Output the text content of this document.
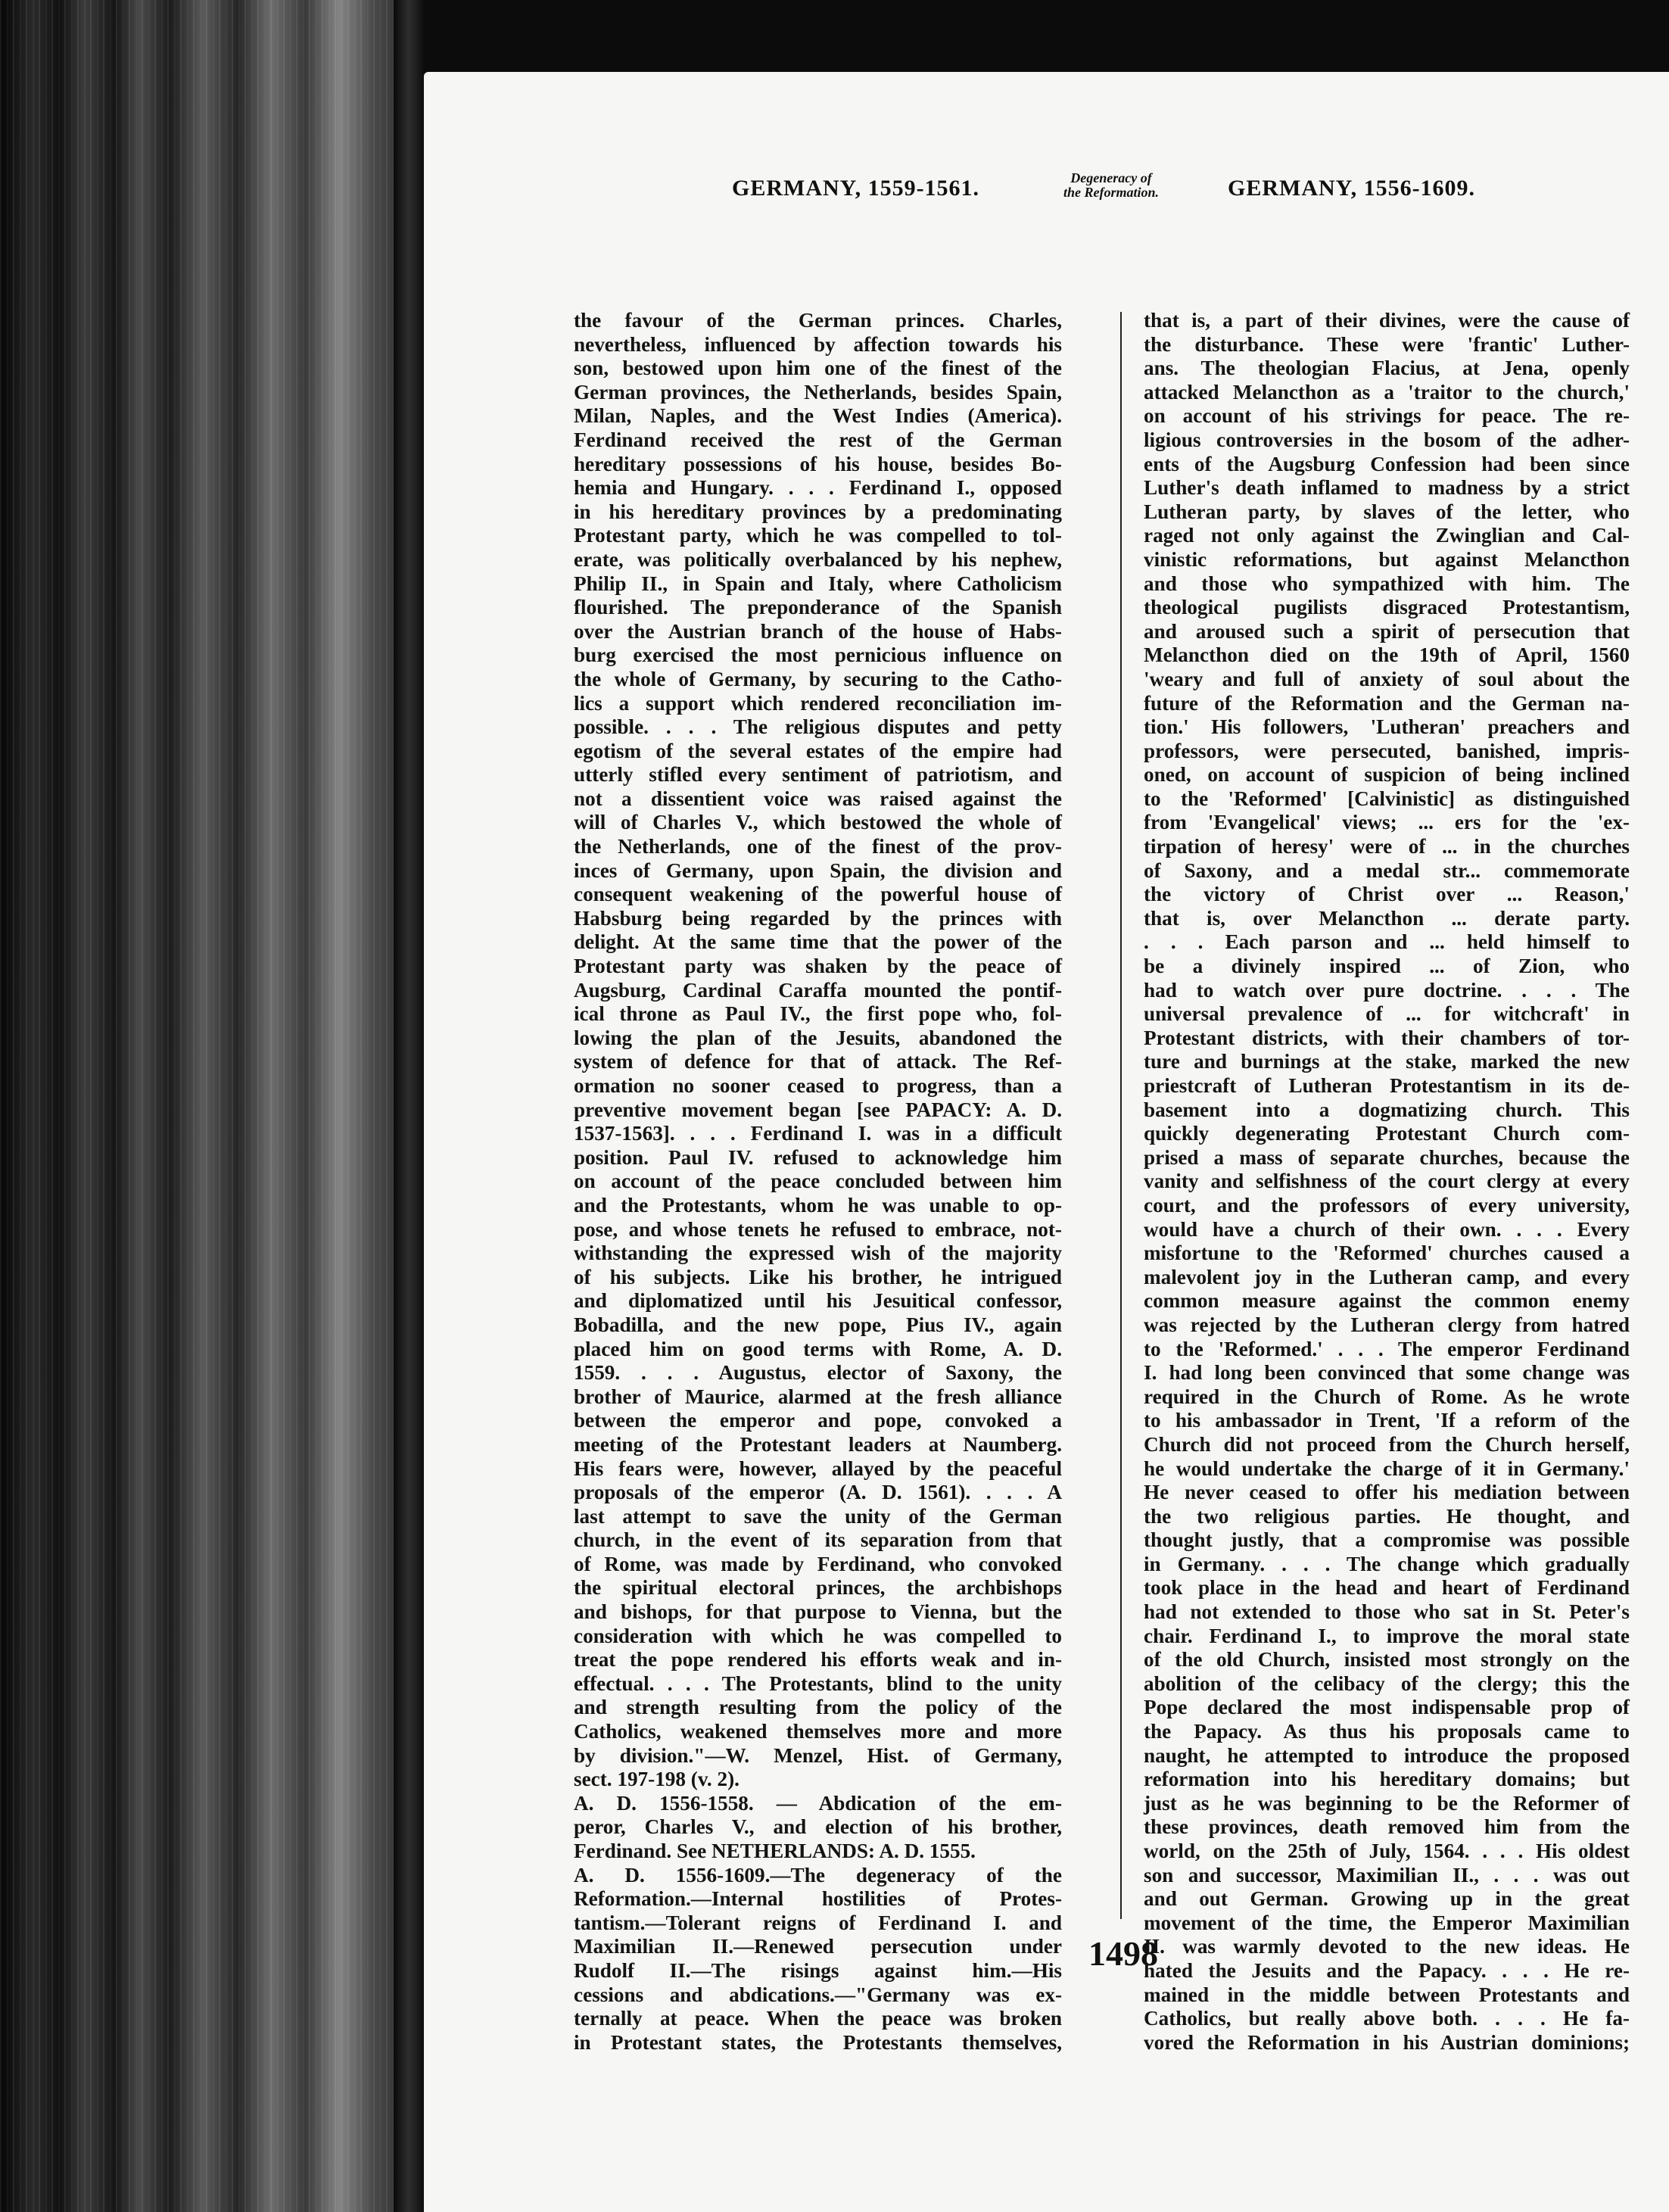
GERMANY, 1559-1561.	Degeneracy of
the Reformation.	GERMANY, 1556-1609.
the favour of the German princes. Charles,
nevertheless, influenced by affection towards his
son, bestowed upon him one of the finest of the
German provinces, the Netherlands, besides Spain,
Milan, Naples, and the West Indies (America).
Ferdinand received the rest of the German
hereditary possessions of his house, besides Bo-
hemia and Hungary. . . . Ferdinand I., opposed
in his hereditary provinces by a predominating
Protestant party, which he was compelled to tol-
erate, was politically overbalanced by his nephew,
Philip II., in Spain and Italy, where Catholicism
flourished. The preponderance of the Spanish
over the Austrian branch of the house of Habs-
burg exercised the most pernicious influence on
the whole of Germany, by securing to the Catho-
lics a support which rendered reconciliation im-
possible. . . . The religious disputes and petty
egotism of the several estates of the empire had
utterly stifled every sentiment of patriotism, and
not a dissentient voice was raised against the
will of Charles V., which bestowed the whole of
the Netherlands, one of the finest of the prov-
inces of Germany, upon Spain, the division and
consequent weakening of the powerful house of
Habsburg being regarded by the princes with
delight. At the same time that the power of the
Protestant party was shaken by the peace of
Augsburg, Cardinal Caraffa mounted the pontif-
ical throne as Paul IV., the first pope who, fol-
lowing the plan of the Jesuits, abandoned the
system of defence for that of attack. The Ref-
ormation no sooner ceased to progress, than a
preventive movement began [see PAPACY: A. D.
1537-1563]. . . . Ferdinand I. was in a difficult
position. Paul IV. refused to acknowledge him
on account of the peace concluded between him
and the Protestants, whom he was unable to op-
pose, and whose tenets he refused to embrace, not-
withstanding the expressed wish of the majority
of his subjects. Like his brother, he intrigued
and diplomatized until his Jesuitical confessor,
Bobadilla, and the new pope, Pius IV., again
placed him on good terms with Rome, A. D.
1559. . . . Augustus, elector of Saxony, the
brother of Maurice, alarmed at the fresh alliance
between the emperor and pope, convoked a
meeting of the Protestant leaders at Naumberg.
His fears were, however, allayed by the peaceful
proposals of the emperor (A. D. 1561). . . . A
last attempt to save the unity of the German
church, in the event of its separation from that
of Rome, was made by Ferdinand, who convoked
the spiritual electoral princes, the archbishops
and bishops, for that purpose to Vienna, but the
consideration with which he was compelled to
treat the pope rendered his efforts weak and in-
effectual. . . . The Protestants, blind to the unity
and strength resulting from the policy of the
Catholics, weakened themselves more and more
by division."—W. Menzel, Hist. of Germany,
sect. 197-198 (v. 2).
A. D. 1556-1558. — Abdication of the em-
peror, Charles V., and election of his brother,
Ferdinand. See NETHERLANDS: A. D. 1555.
A. D. 1556-1609.—The degeneracy of the
Reformation.—Internal hostilities of Protes-
tantism.—Tolerant reigns of Ferdinand I. and
Maximilian II.—Renewed persecution under
Rudolf II.—The risings against him.—His
cessions and abdications.—"Germany was ex-
ternally at peace. When the peace was broken
in Protestant states, the Protestants themselves,
that is, a part of their divines, were the cause of
the disturbance. These were 'frantic' Luther-
ans. The theologian Flacius, at Jena, openly
attacked Melancthon as a 'traitor to the church,'
on account of his strivings for peace. The re-
ligious controversies in the bosom of the adher-
ents of the Augsburg Confession had been since
Luther's death inflamed to madness by a strict
Lutheran party, by slaves of the letter, who
raged not only against the Zwinglian and Cal-
vinistic reformations, but against Melancthon
and those who sympathized with him. The
theological pugilists disgraced Protestantism,
and aroused such a spirit of persecution that
Melancthon died on the 19th of April, 1560
'weary and full of anxiety of soul about the
future of the Reformation and the German na-
tion.' His followers, 'Lutheran' preachers and
professors, were persecuted, banished, impris-
oned, on account of suspicion of being inclined
to the 'Reformed' [Calvinistic] as distinguished
from 'Evangelical' views; ... ers for the 'ex-
tirpation of heresy' were of ... in the churches
of Saxony, and a medal str... commemorate
the victory of Christ over ... Reason,'
that is, over Melancthon ... derate party.
. . . Each parson and ... held himself to
be a divinely inspired ... of Zion, who
had to watch over pure doctrine. . . . The
universal prevalence of ... for witchcraft' in
Protestant districts, with their chambers of tor-
ture and burnings at the stake, marked the new
priestcraft of Lutheran Protestantism in its de-
basement into a dogmatizing church. This
quickly degenerating Protestant Church com-
prised a mass of separate churches, because the
vanity and selfishness of the court clergy at every
court, and the professors of every university,
would have a church of their own. . . . Every
misfortune to the 'Reformed' churches caused a
malevolent joy in the Lutheran camp, and every
common measure against the common enemy
was rejected by the Lutheran clergy from hatred
to the 'Reformed.' . . . The emperor Ferdinand
I. had long been convinced that some change was
required in the Church of Rome. As he wrote
to his ambassador in Trent, 'If a reform of the
Church did not proceed from the Church herself,
he would undertake the charge of it in Germany.'
He never ceased to offer his mediation between
the two religious parties. He thought, and
thought justly, that a compromise was possible
in Germany. . . . The change which gradually
took place in the head and heart of Ferdinand
had not extended to those who sat in St. Peter's
chair. Ferdinand I., to improve the moral state
of the old Church, insisted most strongly on the
abolition of the celibacy of the clergy; this the
Pope declared the most indispensable prop of
the Papacy. As thus his proposals came to
naught, he attempted to introduce the proposed
reformation into his hereditary domains; but
just as he was beginning to be the Reformer of
these provinces, death removed him from the
world, on the 25th of July, 1564. . . . His oldest
son and successor, Maximilian II., . . . was out
and out German. Growing up in the great
movement of the time, the Emperor Maximilian
II. was warmly devoted to the new ideas. He
hated the Jesuits and the Papacy. . . . He re-
mained in the middle between Protestants and
Catholics, but really above both. . . . He fa-
vored the Reformation in his Austrian dominions;
1498
